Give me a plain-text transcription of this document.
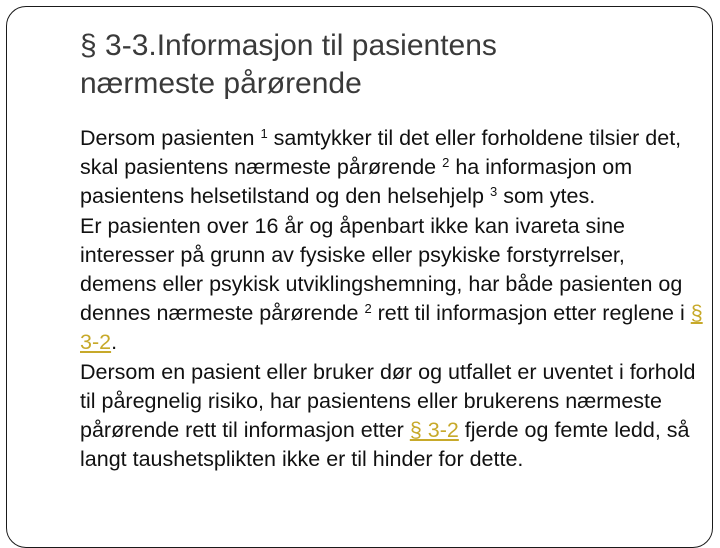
§ 3-3.Informasjon til pasientens
nærmeste pårørende

Dersom pasienten $^1$ samtykker til det eller forholdene tilsier det, skal pasientens nærmeste pårørende $^2$ ha informasjon om pasientens helsetilstand og den helsehjelp $^3$ som ytes.

Er pasienten over 16 år og åpenbart ikke kan ivareta sine interesser på grunn av fysiske eller psykiske forstyrrelser, demens eller psykisk utviklingshemning, har både pasienten og dennes nærmeste pårørende $^2$ rett til informasjon etter reglene i § 3-2.

Dersom en pasient eller bruker dør og utfallet er uventet i forhold til påregnelig risiko, har pasientens eller brukerens nærmeste pårørende rett til informasjon etter § 3-2 fjerde og femte ledd, så langt taushetsplikten ikke er til hinder for dette.
